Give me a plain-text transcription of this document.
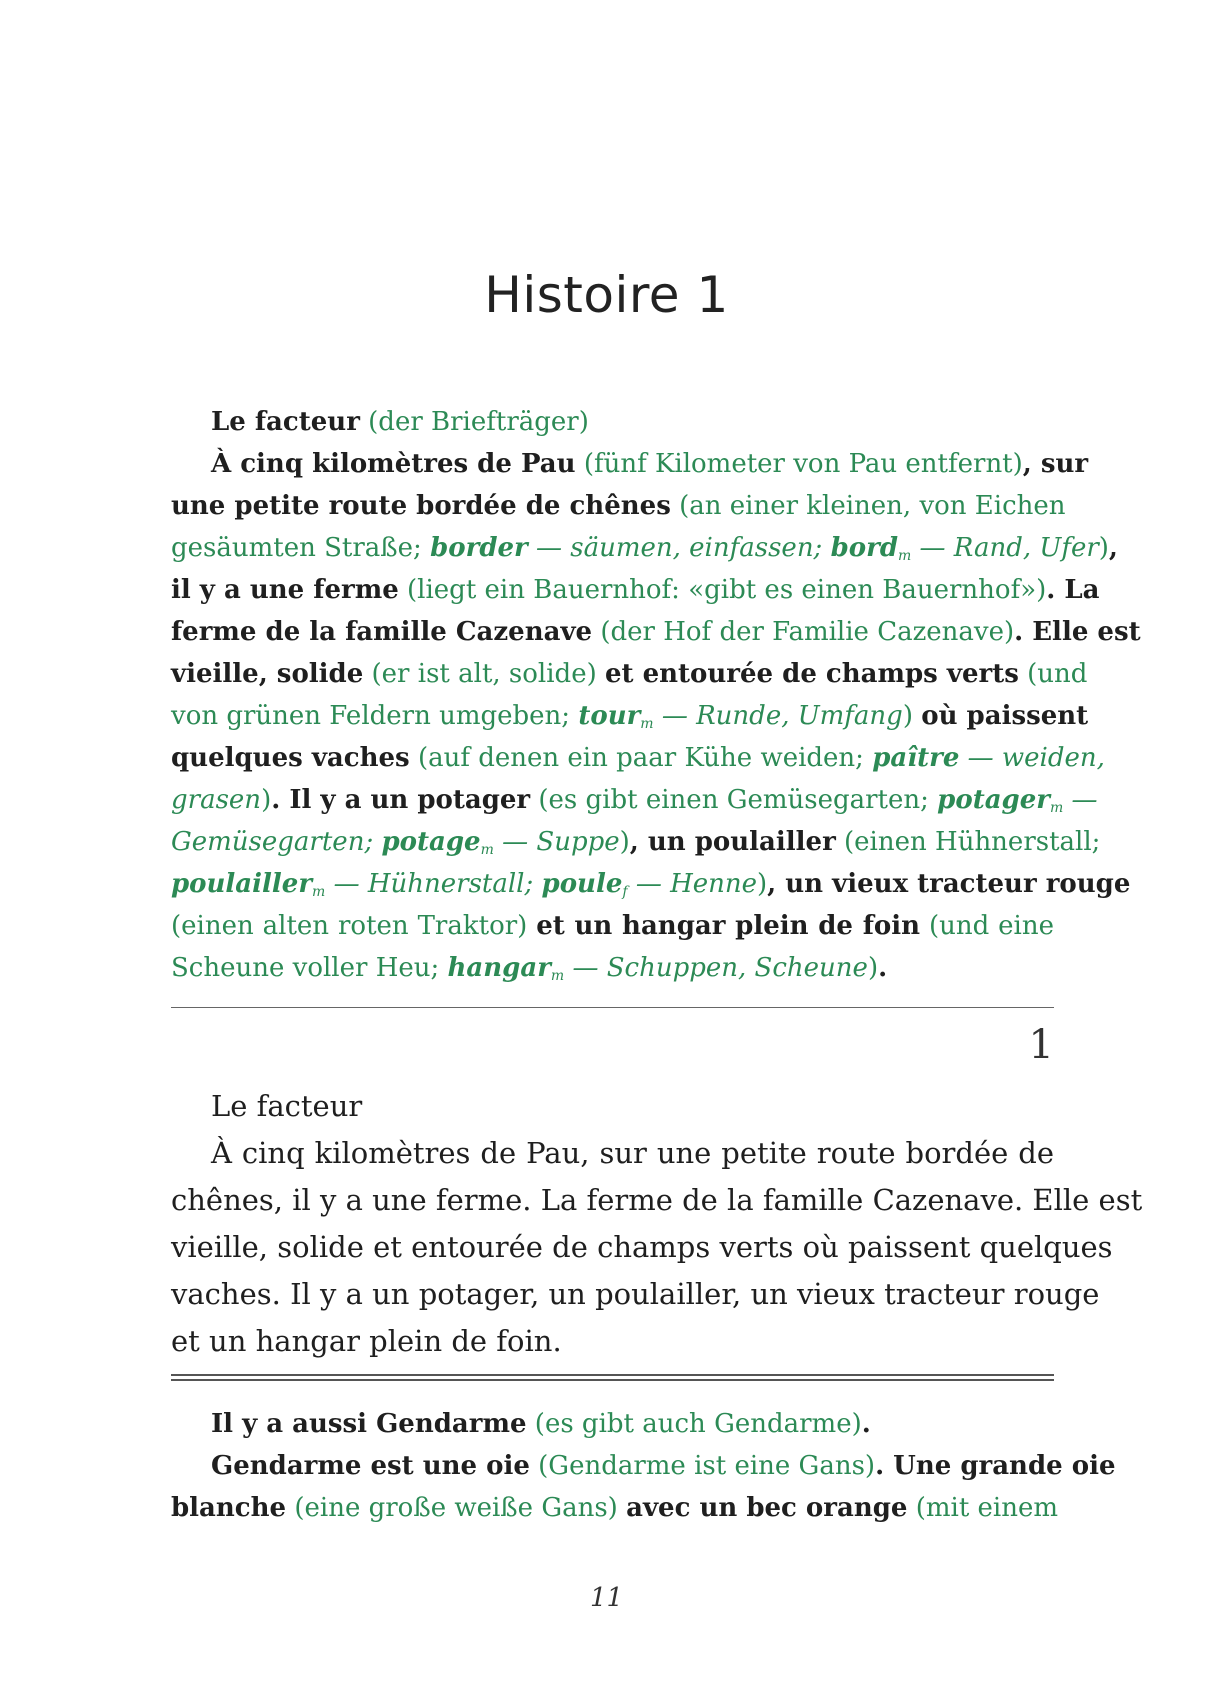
Histoire 1

Le facteur (der Briefträger)

À cinq kilomètres de Pau (fünf Kilometer von Pau entfernt), sur

une petite route bordée de chênes (an einer kleinen, von Eichen

gesäumten Straße; border — säumen, einfassen; bord$_m$ — Rand, Ufer),

il y a une ferme (liegt ein Bauernhof: «gibt es einen Bauernhof»). La

ferme de la famille Cazenave (der Hof der Familie Cazenave). Elle est

vieille, solide (er ist alt, solide) et entourée de champs verts (und

von grünen Feldern umgeben; tour$_m$ — Runde, Umfang) où paissent

quelques vaches (auf denen ein paar Kühe weiden; paître — weiden,

grasen). Il y a un potager (es gibt einen Gemüsegarten; potager$_m$ —

Gemüsegarten; potage$_m$ — Suppe), un poulailler (einen Hühnerstall;

poulailler$_m$ — Hühnerstall; poule$_f$ — Henne), un vieux tracteur rouge

(einen alten roten Traktor) et un hangar plein de foin (und eine

Scheune voller Heu; hangar$_m$ — Schuppen, Scheune).

1

Le facteur

À cinq kilomètres de Pau, sur une petite route bordée de

chênes, il y a une ferme. La ferme de la famille Cazenave. Elle est

vieille, solide et entourée de champs verts où paissent quelques

vaches. Il y a un potager, un poulailler, un vieux tracteur rouge

et un hangar plein de foin.

Il y a aussi Gendarme (es gibt auch Gendarme).

Gendarme est une oie (Gendarme ist eine Gans). Une grande oie

blanche (eine große weiße Gans) avec un bec orange (mit einem

11
